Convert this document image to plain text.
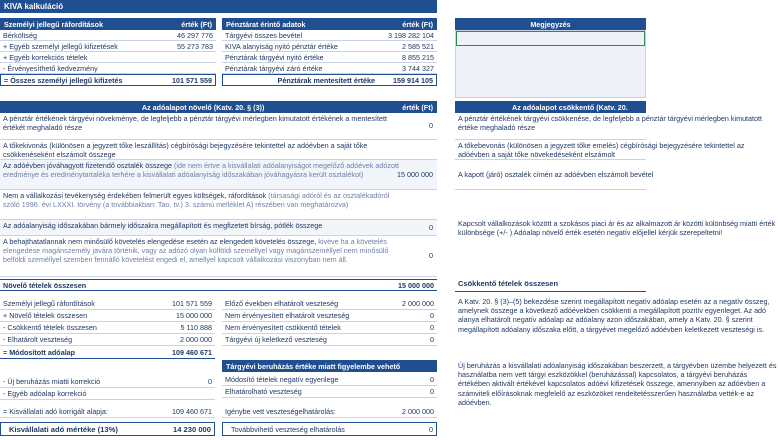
KIVA kalkuláció
Személyi jellegű ráfordítások	érték (Ft)
Bérköltség	46 297 776
+ Egyéb személyi jellegű kifizetések	55 273 783
+ Egyéb korrekciós tételek
- Érvényesíthető kedvezmény
= Összes személyi jellegű kifizetés	101 571 559
Pénztárat érintő adatok	érték (Ft)
Tárgyévi összes bevétel	3 198 282 104
KIVA alanyiság nyitó pénztár értéke	2 585 521
Pénztárak tárgyévi nyitó értéke	8 855 215
Pénztárak tárgyévi záró értéke	3 744 327
Pénztárak mentesített értéke	159 914 105
Megjegyzés
Az adóalapot növelő (Katv. 20. § (3))	érték (Ft)
A pénztár értékének tárgyévi növekménye, de legfeljebb a pénztár tárgyévi mérlegben kimutatott értékének a mentesített értékét meghaladó része	0
A tőkekivonás (különösen a jegyzett tőke leszállítás) cégbírósági bejegyzésére tekintettel az adóévben a saját tőke csökkenéseként elszámolt összege
Az adóévben jóváhagyott fizetendő osztalék összege (ide nem értve a kisvállalati adóalanyiságot megelőző adóévek adózott eredménye és eredménytartaléka terhére a kisvállalati adóalanyiság időszakában jóváhagyásra került osztalékot)	15 000 000
Nem a vállalkozási tevékenység érdekében felmerült egyes költségek, ráfordítások (társasági adóról és az osztalékadóról szóló 1996. évi LXXXI. törvény (a továbbiakban: Tao. tv.) 3. számú melléklet A) részében van meghatározva)
Az adóalanyiság időszakában bármely időszakra megállapított és megfizetett bírság, pótlék összege	0
A behajthatatlannak nem minősülő követelés elengedése esetén az elengedett követelés összege, kivéve ha a követelés elengedése magánszemély javára történik, vagy az adózó olyan külföldi személlyel vagy magánszeméllyel nem minősülő belföldi személlyel szemben fennálló követelést engedi el, amellyel kapcsolt vállalkozási viszonyban nem áll.	0
Növelő tételek összesen	15 000 000
Az adóalapot csökkentő (Katv. 20.
A pénztár értékének tárgyévi csökkenése, de legfeljebb a pénztár tárgyévi mérlegben kimutatott értéke meghaladó része
A tőkebevonás (különösen a jegyzett tőke emelés) cégbírósági bejegyzésére tekintettel az adóévben a saját tőke növekedéseként elszámolt
A kapott (járó) osztalék címén az adóévben elszámolt bevétel
Kapcsolt vállalkozások között a szokásos piaci ár és az alkalmazott ár közötti különbség miatti érték különbsége (+/- ) Adóalap növelő érték esetén negatív előjellel kérjük szerepeltetni!
Csökkentő tételek összesen
A Katv. 20. § (3)–(5) bekezdése szerint megállapított negatív adóalap esetén az a negatív összeg, amelynek összege a következő adóévekben csökkenti a megállapított pozitív egyenleget. Az adó alanya elhatárolt negatív adóalap az adóalany azon időszakában, amely a Katv. 20. § szerint megállapított adóalany időszaka előtt, a tárgyévet megelőző adóévben keletkezett veszteségi is.
Új beruházás a kisvállalati adóalanyiság időszakában beszerzett, a tárgyévben üzembe helyezett és használatba nem vett tárgyi eszközökkel (beruházással) kapcsolatos, a tárgyévi beruházás értékében aktivált értékével kapcsolatos adóévi kifizetések összege, amennyiben az adóévben a számviteli előírásoknak megfelelő az eszközöket rendeltetésszerűen használatba vették-e az adóévben.
Személyi jellegű ráfordítások	101 571 559
+ Növelő tételek összesen	15 000 000
- Csökkentő tételek összesen	5 110 888
- Elhatárolt veszteség	2 000 000
= Módosított adóalap	109 460 671
- Új beruházás miatti korrekció	0
- Egyéb adóalap korrekció
= Kisvállalati adó korrigált alapja:	109 460 671
Kisvállalati adó mértéke (13%)	14 230 000
Előző években elhatárolt veszteség	2 000 000
Nem érvényesített elhatárolt veszteség	0
Nem érvényesített csökkentő tételek	0
Tárgyévi új keletkező veszteség	0
Tárgyévi beruházás értéke miatt figyelembe vehető
Módosító tételek negatív egyenlege	0
Elhatárolható veszteség	0
Igénybe vett veszteségelhatárolás:	2 000 000
Továbbvihető veszteség elhatárolás	0
